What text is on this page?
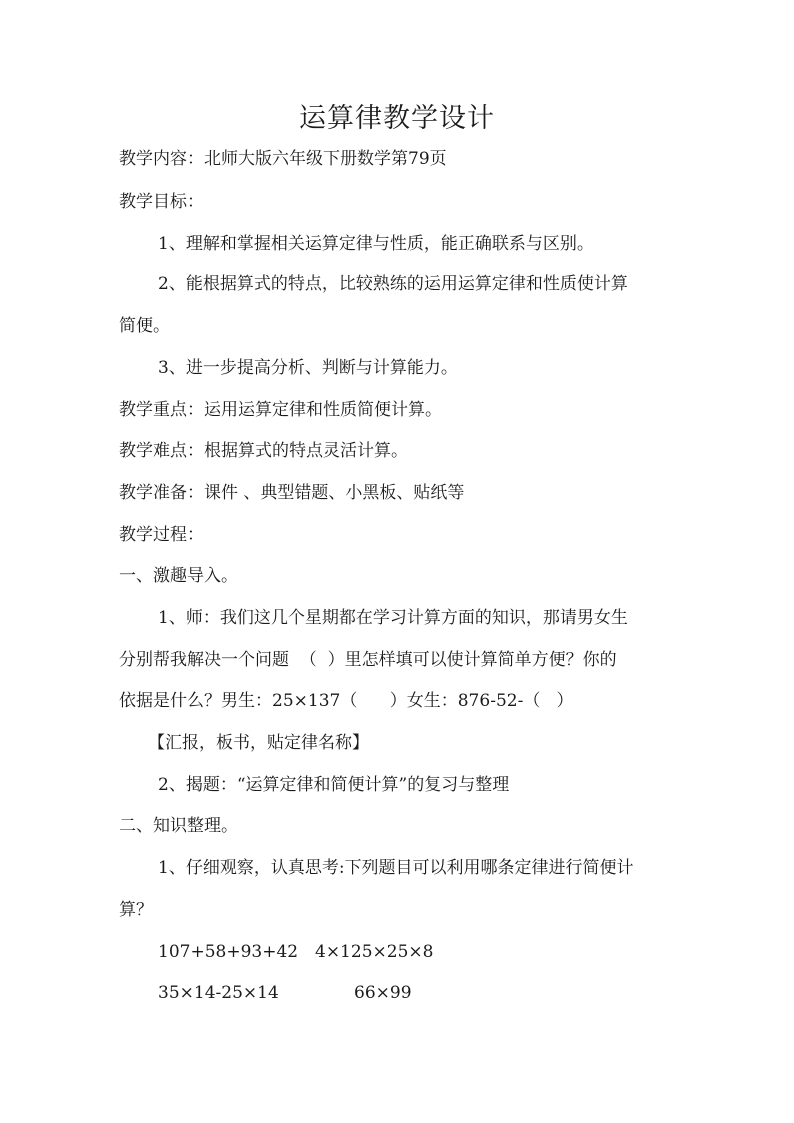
运算律教学设计
教学内容：北师大版六年级下册数学第79页
教学目标：
1、理解和掌握相关运算定律与性质，能正确联系与区别。
2、能根据算式的特点，比较熟练的运用运算定律和性质使计算
简便。
3、进一步提高分析、判断与计算能力。
教学重点：运用运算定律和性质简便计算。
教学难点：根据算式的特点灵活计算。
教学准备：课件 、典型错题、小黑板、贴纸等
教学过程：
一、激趣导入。
1、师：我们这几个星期都在学习计算方面的知识，那请男女生
分别帮我解决一个问题  （  ）里怎样填可以使计算简单方便？你的
依据是什么？男生：25×137（      ）女生：876-52-（   ）
【汇报，板书，贴定律名称】
2、揭题：“运算定律和简便计算”的复习与整理
二、知识整理。
1、仔细观察，认真思考:下列题目可以利用哪条定律进行简便计
算？
107+58+93+42 4×125×25×8
35×14-25×14	66×99
